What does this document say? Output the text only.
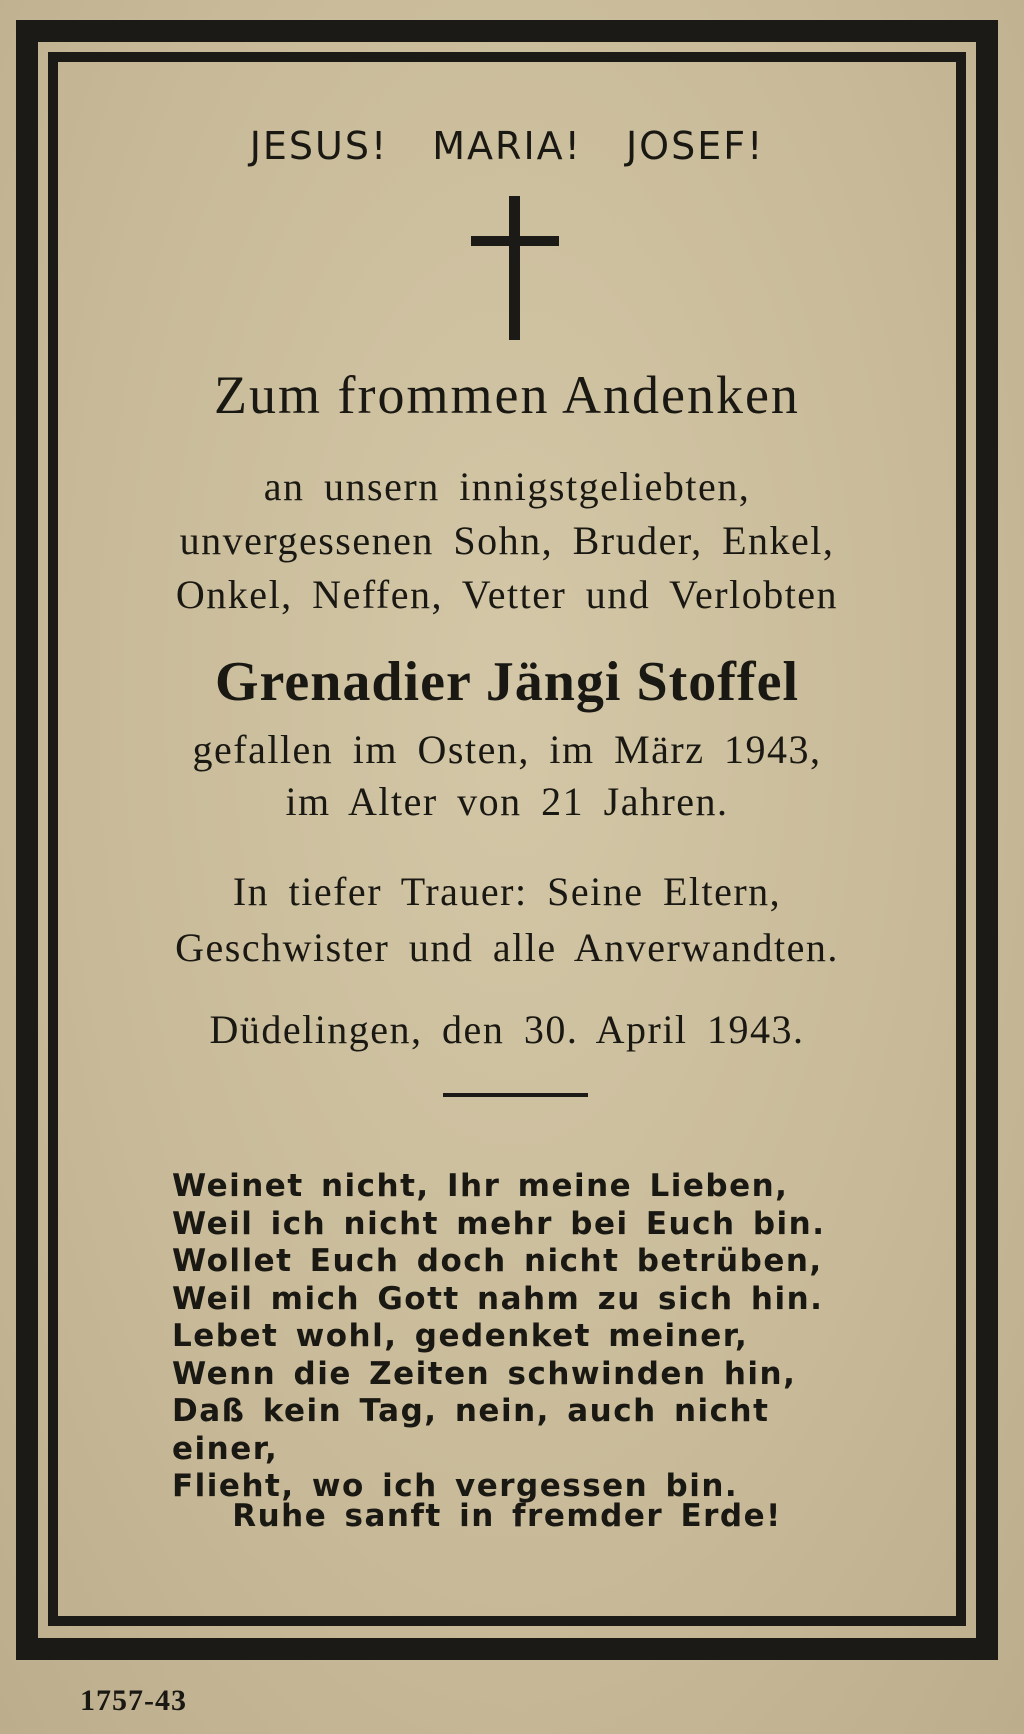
JESUS! MARIA! JOSEF!
Zum frommen Andenken
an unsern innigstgeliebten,
unvergessenen Sohn, Bruder, Enkel,
Onkel, Neffen, Vetter und Verlobten
Grenadier Jängi Stoffel
gefallen im Osten, im März 1943,
im Alter von 21 Jahren.
In tiefer Trauer: Seine Eltern,
Geschwister und alle Anverwandten.
Düdelingen, den 30. April 1943.
Weinet nicht, Ihr meine Lieben,
Weil ich nicht mehr bei Euch bin.
Wollet Euch doch nicht betrüben,
Weil mich Gott nahm zu sich hin.
Lebet wohl, gedenket meiner,
Wenn die Zeiten schwinden hin,
Daß kein Tag, nein, auch nicht einer,
Flieht, wo ich vergessen bin.
Ruhe sanft in fremder Erde!
1757-43
